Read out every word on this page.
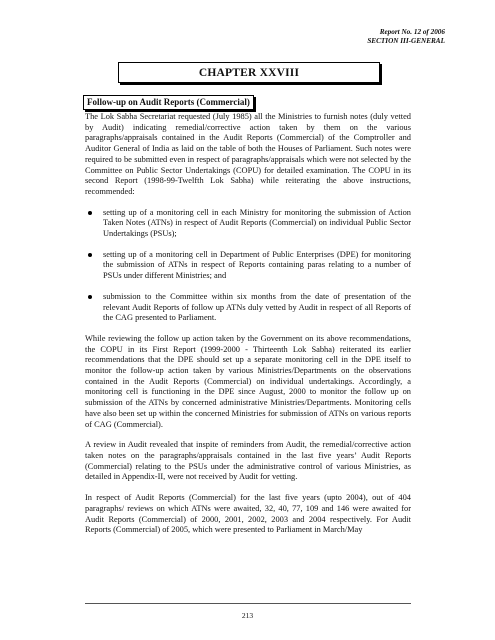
Report No. 12 of 2006
SECTION III-GENERAL
CHAPTER XXVIII
Follow-up on Audit Reports (Commercial)

The Lok Sabha Secretariat requested (July 1985) all the Ministries to furnish notes (duly vetted by Audit) indicating remedial/corrective action taken by them on the various paragraphs/appraisals contained in the Audit Reports (Commercial) of the Comptroller and Auditor General of India as laid on the table of both the Houses of Parliament. Such notes were required to be submitted even in respect of paragraphs/appraisals which were not selected by the Committee on Public Sector Undertakings (COPU) for detailed examination. The COPU in its second Report (1998-99-Twelfth Lok Sabha) while reiterating the above instructions, recommended:

setting up of a monitoring cell in each Ministry for monitoring the submission of Action Taken Notes (ATNs) in respect of Audit Reports (Commercial) on individual Public Sector Undertakings (PSUs);
setting up of a monitoring cell in Department of Public Enterprises (DPE) for monitoring the submission of ATNs in respect of Reports containing paras relating to a number of PSUs under different Ministries; and
submission to the Committee within six months from the date of presentation of the relevant Audit Reports of follow up ATNs duly vetted by Audit in respect of all Reports of the CAG presented to Parliament.

While reviewing the follow up action taken by the Government on its above recommendations, the COPU in its First Report (1999-2000 - Thirteenth Lok Sabha) reiterated its earlier recommendations that the DPE should set up a separate monitoring cell in the DPE itself to monitor the follow-up action taken by various Ministries/Departments on the observations contained in the Audit Reports (Commercial) on individual undertakings. Accordingly, a monitoring cell is functioning in the DPE since August, 2000 to monitor the follow up on submission of the ATNs by concerned administrative Ministries/Departments. Monitoring cells have also been set up within the concerned Ministries for submission of ATNs on various reports of CAG (Commercial).

A review in Audit revealed that inspite of reminders from Audit, the remedial/corrective action taken notes on the paragraphs/appraisals contained in the last five years’ Audit Reports (Commercial) relating to the PSUs under the administrative control of various Ministries, as detailed in Appendix-II, were not received by Audit for vetting.

In respect of Audit Reports (Commercial) for the last five years (upto 2004), out of 404 paragraphs/ reviews on which ATNs were awaited, 32, 40, 77, 109 and 146 were awaited for Audit Reports (Commercial) of 2000, 2001, 2002, 2003 and 2004 respectively. For Audit Reports (Commercial) of 2005, which were presented to Parliament in March/May

213
